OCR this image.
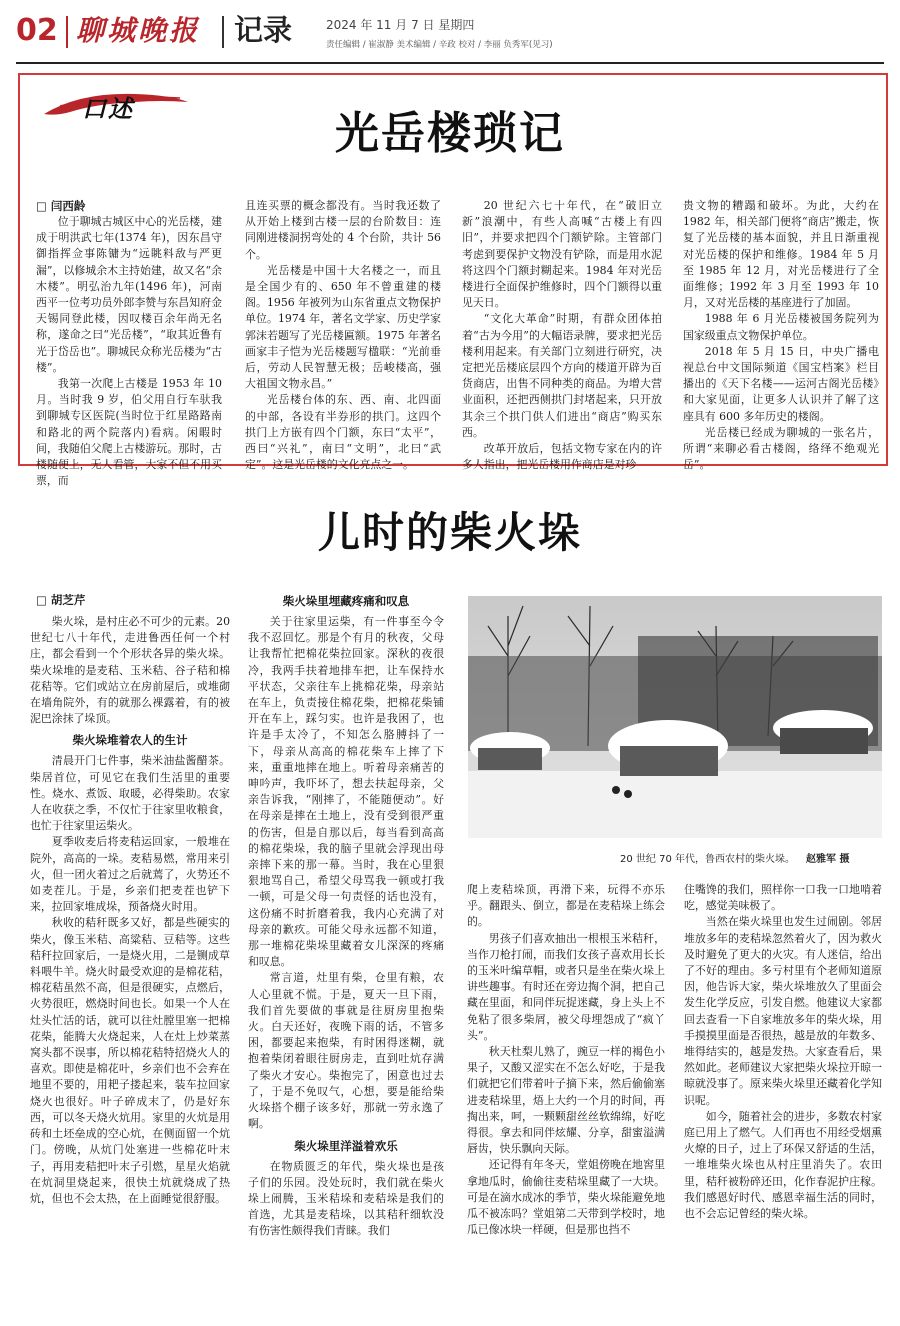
02 聊城晚报 记录	2024 年 11 月 7 日 星期四
责任编辑 / 崔淑静 美术编辑 / 辛政 校对 / 李丽 负秀军(见习)
口述	光岳楼琐记
□ 闫西龄

位于聊城古城区中心的光岳楼，建成于明洪武七年(1374 年)，因东昌守御指挥佥事陈镛为“远眺料敌与严更漏”，以修城余木主持始建，故又名“余木楼”。明弘治九年(1496 年)，河南西平一位考功员外郎李赞与东昌知府金天锡同登此楼，因叹楼百余年尚无名称，遂命之曰“光岳楼”，“取其近鲁有光于岱岳也”。聊城民众称光岳楼为“古楼”。

我第一次爬上古楼是 1953 年 10 月。当时我 9 岁，伯父用自行车驮我到聊城专区医院(当时位于红星路路南和路北的两个院落内)看病。闲暇时间，我随伯父爬上古楼游玩。那时，古楼随便上，无人看管，大家不但不用买票，而

且连买票的概念都没有。当时我还数了从开始上楼到古楼一层的台阶数目：连同刚进楼洞拐弯处的 4 个台阶，共计 56 个。

光岳楼是中国十大名楼之一，而且是全国少有的、650 年不曾重建的楼阁。1956 年被列为山东省重点文物保护单位。1974 年，著名文学家、历史学家郭沫若题写了光岳楼匾额。1975 年著名画家丰子恺为光岳楼题写楹联：“光前垂后，劳动人民智慧无极；岳峻楼高，强大祖国文物永昌。”

光岳楼台体的东、西、南、北四面的中部，各设有半券形的拱门。这四个拱门上方嵌有四个门额，东曰“太平”，西曰“兴礼”，南曰“文明”，北曰“武定”。这是光岳楼的文化亮点之一。

20 世纪六七十年代，在“破旧立新”浪潮中，有些人高喊“古楼上有四旧”，并要求把四个门额铲除。主管部门考虑到要保护文物没有铲除，而是用水泥将这四个门额封糊起来。1984 年对光岳楼进行全面保护维修时，四个门额得以重见天日。

“文化大革命”时期，有群众团体拍着“古为今用”的大幅语录牌，要求把光岳楼利用起来。有关部门立刻进行研究，决定把光岳楼底层四个方向的楼道开辟为百货商店，出售不同种类的商品。为增大营业面积，还把西侧拱门封堵起来，只开放其余三个拱门供人们进出“商店”购买东西。

改革开放后，包括文物专家在内的许多人指出，把光岳楼用作商店是对珍

贵文物的糟蹋和破坏。为此，大约在 1982 年，相关部门便将“商店”搬走，恢复了光岳楼的基本面貌，并且日渐重视对光岳楼的保护和维修。1984 年 5 月至 1985 年 12 月，对光岳楼进行了全面维修；1992 年 3 月至 1993 年 10 月，又对光岳楼的基座进行了加固。

1988 年 6 月光岳楼被国务院列为国家级重点文物保护单位。

2018 年 5 月 15 日，中央广播电视总台中文国际频道《国宝档案》栏目播出的《天下名楼——运河古阁光岳楼》和大家见面，让更多人认识并了解了这座具有 600 多年历史的楼阁。

光岳楼已经成为聊城的一张名片，所谓“来聊必看古楼阁，络绎不绝观光岳”。

儿时的柴火垛
□ 胡芝芹

柴火垛，是村庄必不可少的元素。20 世纪七八十年代，走进鲁西任何一个村庄，都会看到一个个形状各异的柴火垛。柴火垛堆的是麦秸、玉米秸、谷子秸和棉花秸等。它们或站立在房前屋后，或堆砌在墙角院外，有的就那么裸露着，有的被泥巴涂抹了垛顶。

柴火垛堆着农人的生计

清晨开门七件事，柴米油盐酱醋茶。柴居首位，可见它在我们生活里的重要性。烧水、煮饭、取暖，必得柴助。农家人在收获之季，不仅忙于往家里收粮食，也忙于往家里运柴火。

夏季收麦后将麦秸运回家，一般堆在院外，高高的一垛。麦秸易燃，常用来引火，但一团火着过之后就蔫了，火势还不如麦茬儿。于是，乡亲们把麦茬也铲下来，拉回家堆成垛，预备烧火时用。

秋收的秸秆既多又好，都是些硬实的柴火，像玉米秸、高粱秸、豆秸等。这些秸秆拉回家后，一是烧火用，二是铡成草料喂牛羊。烧火时最受欢迎的是棉花秸，棉花秸虽然不高，但是很硬实，点燃后，火势很旺，燃烧时间也长。如果一个人在灶头忙活的话，就可以往灶膛里塞一把棉花柴，能腾大火烧起来，人在灶上炒菜蒸窝头都不误事，所以棉花秸特招烧火人的喜欢。即使是棉花叶，乡亲们也不会弃在地里不要的，用耙子搂起来，装车拉回家烧火也很好。叶子碎成末了，仍是好东西，可以冬天烧火炕用。家里的火炕是用砖和土坯垒成的空心炕，在侧面留一个炕门。傍晚，从炕门处塞进一些棉花叶末子，再用麦秸把叶末子引燃，星星火焰就在炕洞里烧起来，很快土炕就烧成了热炕，但也不会太热，在上面睡觉很舒服。

柴火垛里埋藏疼痛和叹息

关于往家里运柴，有一件事至今令我不忍回忆。那是个有月的秋夜，父母让我帮忙把棉花柴拉回家。深秋的夜很冷，我两手扶着地排车把，让车保持水平状态，父亲往车上挑棉花柴，母亲站在车上，负责接住棉花柴，把棉花柴铺开在车上，踩匀实。也许是我困了，也许是手太冷了，不知怎么胳膊抖了一下，母亲从高高的棉花柴车上摔了下来，重重地摔在地上。听着母亲痛苦的呻吟声，我吓坏了，想去扶起母亲，父亲告诉我，“刚摔了，不能随便动”。好在母亲是摔在土地上，没有受到很严重的伤害，但是自那以后，每当看到高高的棉花柴垛，我的脑子里就会浮现出母亲摔下来的那一幕。当时，我在心里狠狠地骂自己，希望父母骂我一顿或打我一顿，可是父母一句责怪的话也没有，这份痛不时折磨着我，我内心充满了对母亲的歉疚。可能父母永远都不知道，那一堆棉花柴垛里藏着女儿深深的疼痛和叹息。

常言道，灶里有柴，仓里有粮，农人心里就不慌。于是，夏天一旦下雨，我们首先要做的事就是往厨房里抱柴火。白天还好，夜晚下雨的话，不管多困，都要起来抱柴，有时困得迷糊，就抱着柴闭着眼往厨房走，直到吐炕存满了柴火才安心。柴抱完了，困意也过去了，于是不免叹气，心想，要是能给柴火垛搭个棚子该多好，那就一劳永逸了啊。

柴火垛里洋溢着欢乐

在物质匮乏的年代，柴火垛也是孩子们的乐园。没处玩时，我们就在柴火垛上闹腾，玉米秸垛和麦秸垛是我们的首选，尤其是麦秸垛，以其秸秆细软没有伤害性颇得我们青睐。我们

20 世纪 70 年代，鲁西农村的柴火垛。 赵雅军 摄

爬上麦秸垛顶，再滑下来，玩得不亦乐乎。翻跟头、倒立，都是在麦秸垛上练会的。

男孩子们喜欢抽出一根根玉米秸秆，当作刀枪打闹，而我们女孩子喜欢用长长的玉米叶编草帽，或者只是坐在柴火垛上讲些趣事。有时还在旁边掏个洞，把自己藏在里面，和同伴玩捉迷藏，身上头上不免粘了很多柴屑，被父母埋怨成了“疯丫头”。

秋天杜梨儿熟了，豌豆一样的褐色小果子，又酸又涩实在不怎么好吃，于是我们就把它们带着叶子摘下来，然后偷偷塞进麦秸垛里，焐上大约一个月的时间，再掏出来，呵，一颗颗甜丝丝软绵绵，好吃得很。拿去和同伴炫耀、分享，甜蜜溢满唇齿，快乐飘向天际。

还记得有年冬天，堂姐傍晚在地窖里拿地瓜时，偷偷往麦秸垛里藏了一大块。可是在滴水成冰的季节，柴火垛能避免地瓜不被冻吗？堂姐第二天带到学校时，地瓜已像冰块一样硬，但是那也挡不

住嘴馋的我们，照样你一口我一口地啃着吃，感觉美味极了。

当然在柴火垛里也发生过闹剧。邻居堆放多年的麦秸垛忽然着火了，因为救火及时避免了更大的火灾。有人迷信，给出了不好的理由。多亏村里有个老师知道原因，他告诉大家，柴火垛堆放久了里面会发生化学反应，引发自燃。他建议大家都回去查看一下自家堆放多年的柴火垛，用手摸摸里面是否很热，越是放的年数多、堆得结实的，越是发热。大家查看后，果然如此。老师建议大家把柴火垛拉开晾一晾就没事了。原来柴火垛里还藏着化学知识呢。

如今，随着社会的进步，多数农村家庭已用上了燃气。人们再也不用经受烟熏火燎的日子，过上了环保又舒适的生活，一堆堆柴火垛也从村庄里消失了。农田里，秸秆被粉碎还田，化作春泥护庄稼。我们感恩好时代、感恩幸福生活的同时，也不会忘记曾经的柴火垛。
